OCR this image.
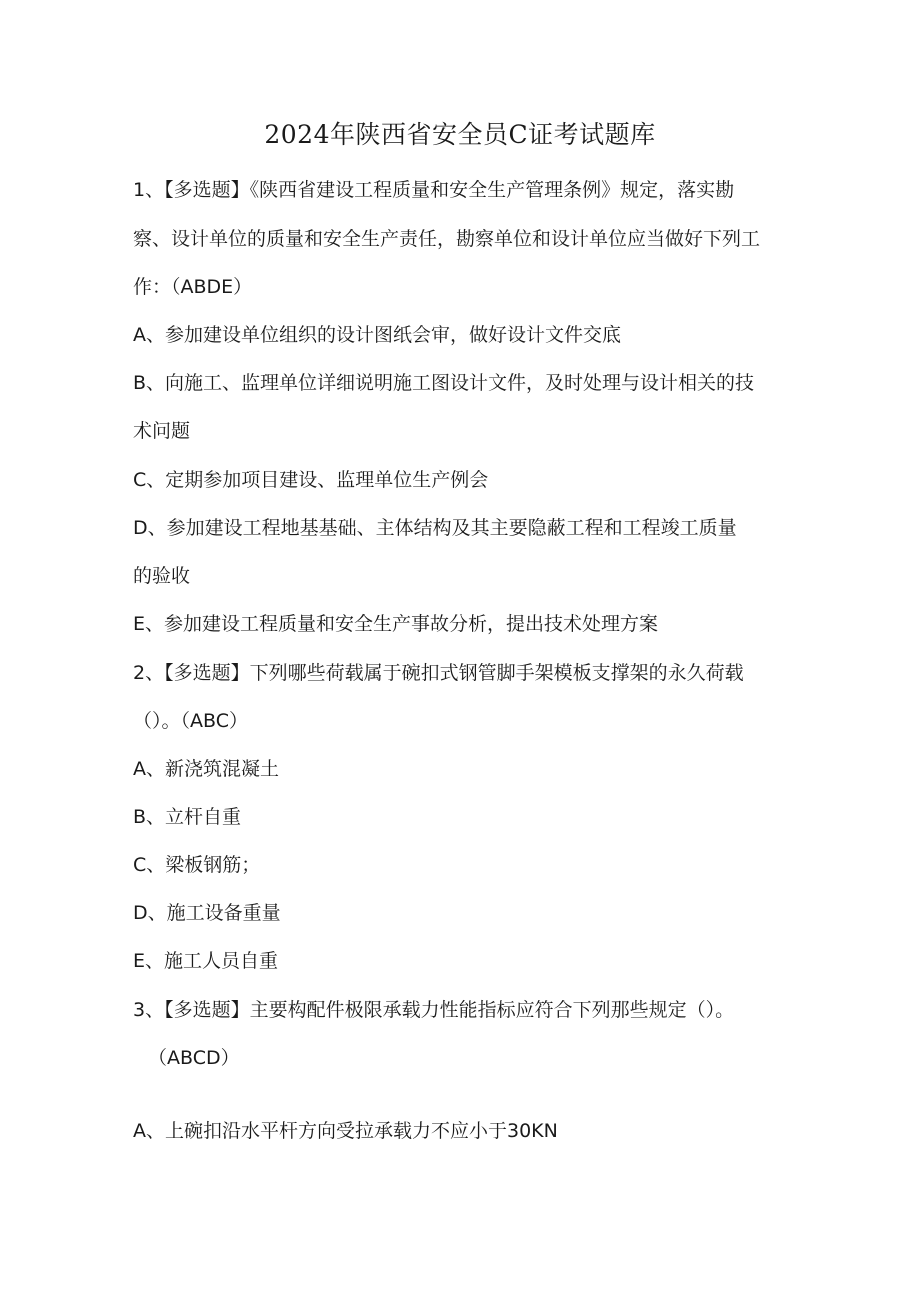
2024年陕西省安全员C证考试题库

1、【多选题】《陕西省建设工程质量和安全生产管理条例》规定，落实勘

察、设计单位的质量和安全生产责任，勘察单位和设计单位应当做好下列工

作：（ABDE）

A、参加建设单位组织的设计图纸会审，做好设计文件交底

B、向施工、监理单位详细说明施工图设计文件，及时处理与设计相关的技

术问题

C、定期参加项目建设、监理单位生产例会

D、参加建设工程地基基础、主体结构及其主要隐蔽工程和工程竣工质量

的验收

E、参加建设工程质量和安全生产事故分析，提出技术处理方案

2、【多选题】下列哪些荷载属于碗扣式钢管脚手架模板支撑架的永久荷载

（）。（ABC）

A、新浇筑混凝土

B、立杆自重

C、梁板钢筋；

D、施工设备重量

E、施工人员自重

3、【多选题】主要构配件极限承载力性能指标应符合下列那些规定（）。

（ABCD）

A、上碗扣沿水平杆方向受拉承载力不应小于30KN
